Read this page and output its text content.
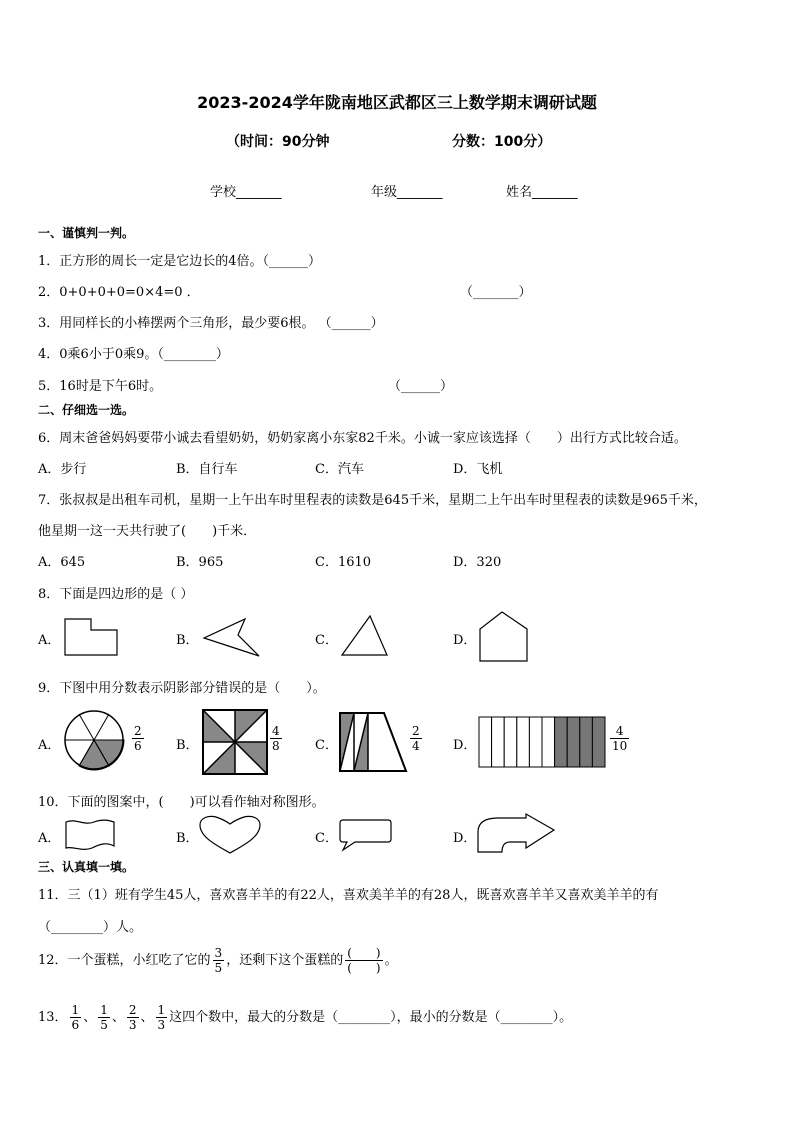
2023-2024学年陇南地区武都区三上数学期末调研试题
（时间：90分钟	分数：100分）
学校_______	年级_______	姓名_______
一、谨慎判一判。
1．正方形的周长一定是它边长的4倍。（______）
2．0+0+0+0=0×4=0 ．	（_______）
3．用同样长的小棒摆两个三角形，最少要6根。 （______）
4．0乘6小于0乘9。（________）
5．16时是下午6时。	（______）
二、仔细选一选。
6．周末爸爸妈妈要带小诚去看望奶奶，奶奶家离小东家82千米。小诚一家应该选择（　　）出行方式比较合适。
A．步行	B．自行车	C．汽车	D．飞机
7．张叔叔是出租车司机，星期一上午出车时里程表的读数是645千米，星期二上午出车时里程表的读数是965千米，
他星期一这一天共行驶了(　　)千米．
A．645	B．965	C．1610	D．320
8．下面是四边形的是（ ）
A．	B．	C．	D．
9．下图中用分数表示阴影部分错误的是（　　）。
A．	B．	C．	D．
$\frac{2}{6}$	$\frac{4}{8}$	$\frac{2}{4}$	$\frac{4}{10}$
10．下面的图案中，(　　)可以看作轴对称图形。
A．	B．	C．	D．
三、认真填一填。
11．三（1）班有学生45人，喜欢喜羊羊的有22人，喜欢美羊羊的有28人，既喜欢喜羊羊又喜欢美羊羊的有
（________）人。
12．一个蛋糕，小红吃了它的 $\frac{3}{5}$ ，还剩下这个蛋糕的 $\frac{( )}{( )}$ 。
13． $\frac{1}{6}$ 、 $\frac{1}{5}$ 、 $\frac{2}{3}$ 、 $\frac{1}{3}$ 这四个数中，最大的分数是（________），最小的分数是（________）。
